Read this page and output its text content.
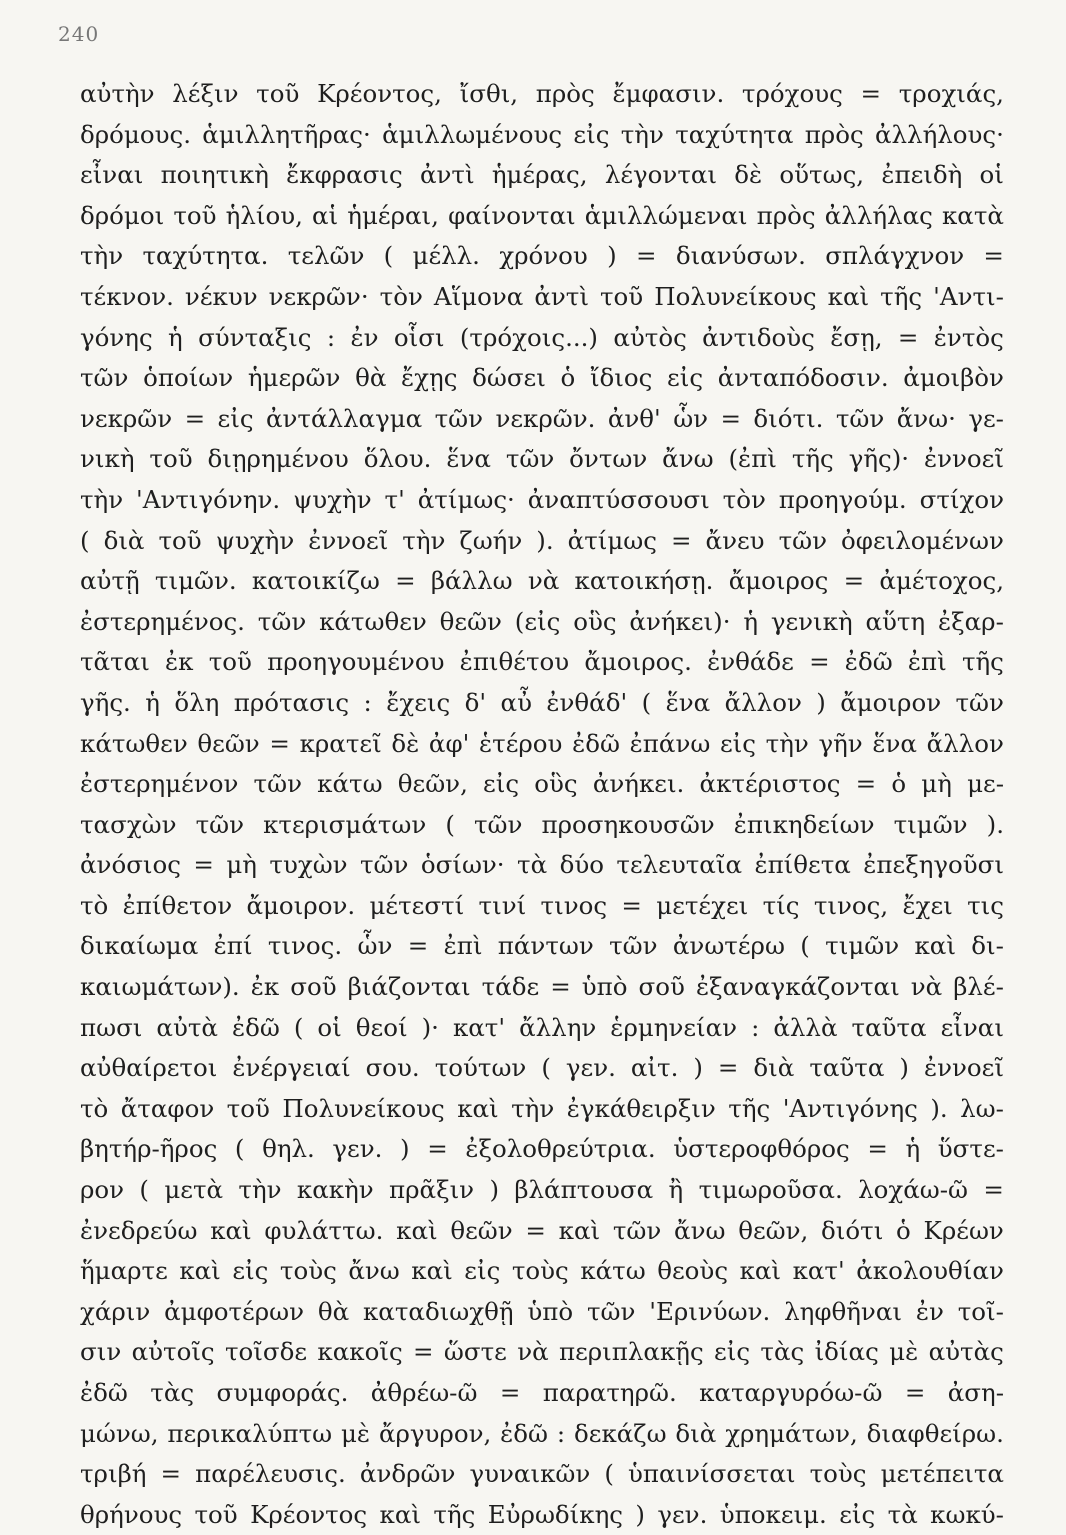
240
αὐτὴν λέξιν τοῦ Κρέοντος, ἴσθι, πρὸς ἔμφασιν. τρόχους = τροχιάς,
δρόμους. ἁμιλλητῆρας· ἁμιλλωμένους εἰς τὴν ταχύτητα πρὸς ἀλλήλους·
εἶναι ποιητικὴ ἔκφρασις ἀντὶ ἡμέρας, λέγονται δὲ οὕτως, ἐπειδὴ οἱ
δρόμοι τοῦ ἡλίου, αἱ ἡμέραι, φαίνονται ἁμιλλώμεναι πρὸς ἀλλήλας κατὰ
τὴν ταχύτητα. τελῶν ( μέλλ. χρόνου ) = διανύσων. σπλάγχνον =
τέκνον. νέκυν νεκρῶν· τὸν Αἵμονα ἀντὶ τοῦ Πολυνείκους καὶ τῆς 'Αντι-
γόνης ἡ σύνταξις : ἐν οἷσι (τρόχοις...) αὐτὸς ἀντιδοὺς ἔσῃ, = ἐντὸς
τῶν ὁποίων ἡμερῶν θὰ ἔχῃς δώσει ὁ ἴδιος εἰς ἀνταπόδοσιν. ἀμοιβὸν
νεκρῶν = εἰς ἀντάλλαγμα τῶν νεκρῶν. ἀνθ' ὧν = διότι. τῶν ἄνω· γε-
νικὴ τοῦ διῃρημένου ὅλου. ἕνα τῶν ὄντων ἄνω (ἐπὶ τῆς γῆς)· ἐννοεῖ
τὴν 'Αντιγόνην. ψυχὴν τ' ἀτίμως· ἀναπτύσσουσι τὸν προηγούμ. στίχον
( διὰ τοῦ ψυχὴν ἐννοεῖ τὴν ζωήν ). ἀτίμως = ἄνευ τῶν ὀφειλομένων
αὐτῇ τιμῶν. κατοικίζω = βάλλω νὰ κατοικήσῃ. ἄμοιρος = ἀμέτοχος,
ἐστερημένος. τῶν κάτωθεν θεῶν (εἰς οὓς ἀνήκει)· ἡ γενικὴ αὕτη ἐξαρ-
τᾶται ἐκ τοῦ προηγουμένου ἐπιθέτου ἄμοιρος. ἐνθάδε = ἐδῶ ἐπὶ τῆς
γῆς. ἡ ὅλη πρότασις : ἔχεις δ' αὖ ἐνθάδ' ( ἕνα ἄλλον ) ἄμοιρον τῶν
κάτωθεν θεῶν = κρατεῖ δὲ ἀφ' ἑτέρου ἐδῶ ἐπάνω εἰς τὴν γῆν ἕνα ἄλλον
ἐστερημένον τῶν κάτω θεῶν, εἰς οὓς ἀνήκει. ἀκτέριστος = ὁ μὴ με-
τασχὼν τῶν κτερισμάτων ( τῶν προσηκουσῶν ἐπικηδείων τιμῶν ).
ἀνόσιος = μὴ τυχὼν τῶν ὁσίων· τὰ δύο τελευταῖα ἐπίθετα ἐπεξηγοῦσι
τὸ ἐπίθετον ἄμοιρον. μέτεστί τινί τινος = μετέχει τίς τινος, ἔχει τις
δικαίωμα ἐπί τινος. ὧν = ἐπὶ πάντων τῶν ἀνωτέρω ( τιμῶν καὶ δι-
καιωμάτων). ἐκ σοῦ βιάζονται τάδε = ὑπὸ σοῦ ἐξαναγκάζονται νὰ βλέ-
πωσι αὐτὰ ἐδῶ ( οἱ θεοί )· κατ' ἄλλην ἑρμηνείαν : ἀλλὰ ταῦτα εἶναι
αὐθαίρετοι ἐνέργειαί σου. τούτων ( γεν. αἰτ. ) = διὰ ταῦτα ) ἐννοεῖ
τὸ ἄταφον τοῦ Πολυνείκους καὶ τὴν ἐγκάθειρξιν τῆς 'Αντιγόνης ). λω-
βητήρ-ῆρος ( θηλ. γεν. ) = ἐξολοθρεύτρια. ὑστεροφθόρος = ἡ ὕστε-
ρον ( μετὰ τὴν κακὴν πρᾶξιν ) βλάπτουσα ἢ τιμωροῦσα. λοχάω-ῶ =
ἐνεδρεύω καὶ φυλάττω. καὶ θεῶν = καὶ τῶν ἄνω θεῶν, διότι ὁ Κρέων
ἥμαρτε καὶ εἰς τοὺς ἄνω καὶ εἰς τοὺς κάτω θεοὺς καὶ κατ' ἀκολουθίαν
χάριν ἀμφοτέρων θὰ καταδιωχθῇ ὑπὸ τῶν 'Ερινύων. ληφθῆναι ἐν τοῖ-
σιν αὐτοῖς τοῖσδε κακοῖς = ὥστε νὰ περιπλακῇς εἰς τὰς ἰδίας μὲ αὐτὰς
ἐδῶ τὰς συμφοράς. ἀθρέω-ῶ = παρατηρῶ. καταργυρόω-ῶ = ἀση-
μώνω, περικαλύπτω μὲ ἄργυρον, ἐδῶ : δεκάζω διὰ χρημάτων, διαφθείρω.
τριβή = παρέλευσις. ἀνδρῶν γυναικῶν ( ὑπαινίσσεται τοὺς μετέπειτα
θρήνους τοῦ Κρέοντος καὶ τῆς Εὐρωδίκης ) γεν. ὑποκειμ. εἰς τὰ κωκύ-
